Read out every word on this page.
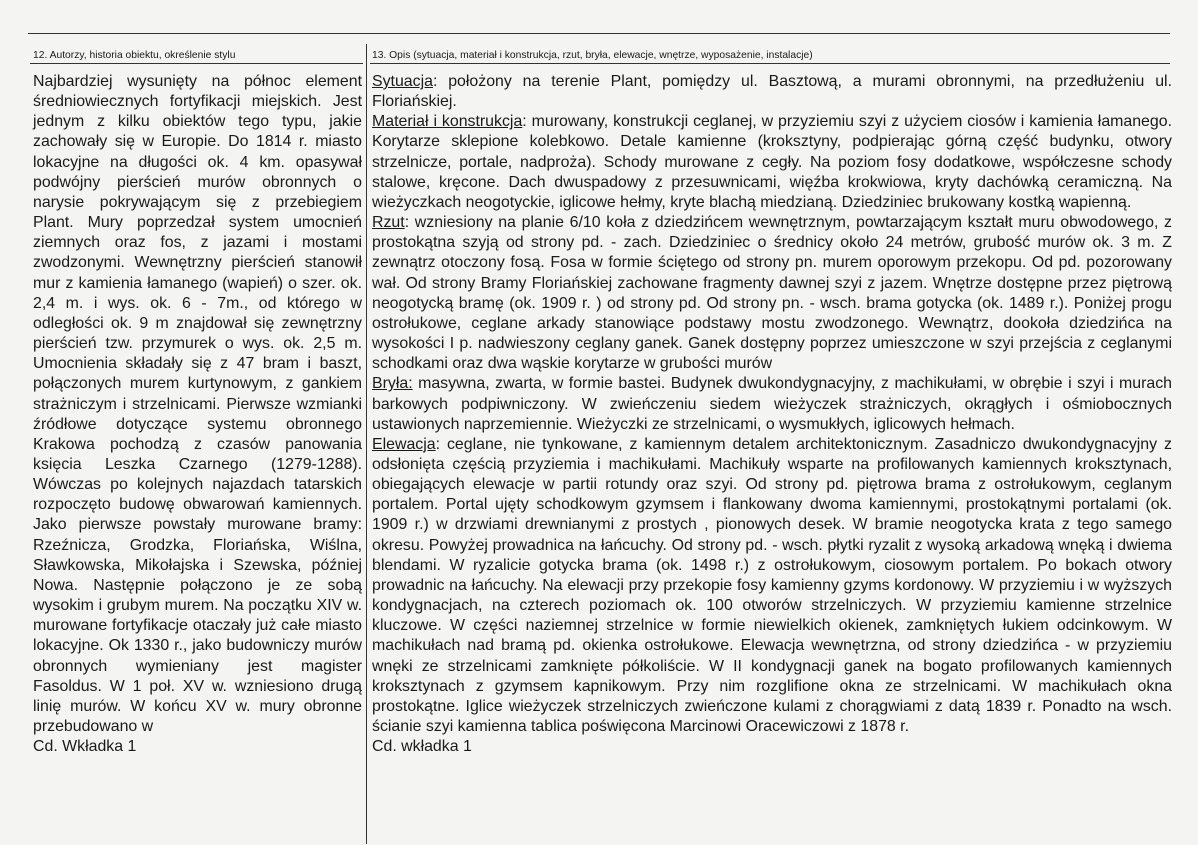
12. Autorzy, historia obiektu, określenie stylu	13. Opis (sytuacja, materiał i konstrukcja, rzut, bryła, elewacje, wnętrze, wyposażenie, instalacje)

Najbardziej wysunięty na północ element średniowiecznych fortyfikacji miejskich. Jest jednym z kilku obiektów tego typu, jakie zachowały się w Europie. Do 1814 r. miasto lokacyjne na długości ok. 4 km. opasywał podwójny pierścień murów obronnych o narysie pokrywającym się z przebiegiem Plant. Mury poprzedzał system umocnień ziemnych oraz fos, z jazami i mostami zwodzonymi. Wewnętrzny pierścień stanowił mur z kamienia łamanego (wapień) o szer. ok. 2,4 m. i wys. ok. 6 - 7m., od którego w odległości ok. 9 m znajdował się zewnętrzny pierścień tzw. przymurek o wys. ok. 2,5 m. Umocnienia składały się z 47 bram i baszt, połączonych murem kurtynowym, z gankiem strażniczym i strzelnicami. Pierwsze wzmianki źródłowe dotyczące systemu obronnego Krakowa pochodzą z czasów panowania księcia Leszka Czarnego (1279-1288). Wówczas po kolejnych najazdach tatarskich rozpoczęto budowę obwarowań kamiennych. Jako pierwsze powstały murowane bramy: Rzeźnicza, Grodzka, Floriańska, Wiślna, Sławkowska, Mikołajska i Szewska, później Nowa. Następnie połączono je ze sobą wysokim i grubym murem. Na początku XIV w. murowane fortyfikacje otaczały już całe miasto lokacyjne. Ok 1330 r., jako budowniczy murów obronnych wymieniany jest magister Fasoldus. W 1 poł. XV w. wzniesiono drugą linię murów. W końcu XV w. mury obronne przebudowano w

Cd. Wkładka 1

Sytuacja: położony na terenie Plant, pomiędzy ul. Basztową, a murami obronnymi, na przedłużeniu ul. Floriańskiej.

Materiał i konstrukcja: murowany, konstrukcji ceglanej, w przyziemiu szyi z użyciem ciosów i kamienia łamanego. Korytarze sklepione kolebkowo. Detale kamienne (kroksztyny, podpierając górną część budynku, otwory strzelnicze, portale, nadproża). Schody murowane z cegły. Na poziom fosy dodatkowe, współczesne schody stalowe, kręcone. Dach dwuspadowy z przesuwnicami, więźba krokwiowa, kryty dachówką ceramiczną. Na wieżyczkach neogotyckie, iglicowe hełmy, kryte blachą miedzianą. Dziedziniec brukowany kostką wapienną.

Rzut: wzniesiony na planie 6/10 koła z dziedzińcem wewnętrznym, powtarzającym kształt muru obwodowego, z prostokątna szyją od strony pd. - zach. Dziedziniec o średnicy około 24 metrów, grubość murów ok. 3 m. Z zewnątrz otoczony fosą. Fosa w formie ściętego od strony pn. murem oporowym przekopu. Od pd. pozorowany wał. Od strony Bramy Floriańskiej zachowane fragmenty dawnej szyi z jazem. Wnętrze dostępne przez piętrową neogotycką bramę (ok. 1909 r. ) od strony pd. Od strony pn. - wsch. brama gotycka (ok. 1489 r.). Poniżej progu ostrołukowe, ceglane arkady stanowiące podstawy mostu zwodzonego. Wewnątrz, dookoła dziedzińca na wysokości I p. nadwieszony ceglany ganek. Ganek dostępny poprzez umieszczone w szyi przejścia z ceglanymi schodkami oraz dwa wąskie korytarze w grubości murów

Bryła: masywna, zwarta, w formie bastei. Budynek dwukondygnacyjny, z machikułami, w obrębie i szyi i murach barkowych podpiwniczony. W zwieńczeniu siedem wieżyczek strażniczych, okrągłych i ośmiobocznych ustawionych naprzemiennie. Wieżyczki ze strzelnicami, o wysmukłych, iglicowych hełmach.

Elewacja: ceglane, nie tynkowane, z kamiennym detalem architektonicznym. Zasadniczo dwukondygnacyjny z odsłonięta częścią przyziemia i machikułami. Machikuły wsparte na profilowanych kamiennych kroksztynach, obiegających elewacje w partii rotundy oraz szyi. Od strony pd. piętrowa brama z ostrołukowym, ceglanym portalem. Portal ujęty schodkowym gzymsem i flankowany dwoma kamiennymi, prostokątnymi portalami (ok. 1909 r.) w drzwiami drewnianymi z prostych , pionowych desek. W bramie neogotycka krata z tego samego okresu. Powyżej prowadnica na łańcuchy. Od strony pd. - wsch. płytki ryzalit z wysoką arkadową wnęką i dwiema blendami. W ryzalicie gotycka brama (ok. 1498 r.) z ostrołukowym, ciosowym portalem. Po bokach otwory prowadnic na łańcuchy. Na elewacji przy przekopie fosy kamienny gzyms kordonowy. W przyziemiu i w wyższych kondygnacjach, na czterech poziomach ok. 100 otworów strzelniczych. W przyziemiu kamienne strzelnice kluczowe. W części naziemnej strzelnice w formie niewielkich okienek, zamkniętych łukiem odcinkowym. W machikułach nad bramą pd. okienka ostrołukowe. Elewacja wewnętrzna, od strony dziedzińca - w przyziemiu wnęki ze strzelnicami zamknięte półkoliście. W II kondygnacji ganek na bogato profilowanych kamiennych kroksztynach z gzymsem kapnikowym. Przy nim rozglifione okna ze strzelnicami. W machikułach okna prostokątne. Iglice wieżyczek strzelniczych zwieńczone kulami z chorągwiami z datą 1839 r. Ponadto na wsch. ścianie szyi kamienna tablica poświęcona Marcinowi Oracewiczowi z 1878 r.

Cd. wkładka 1
